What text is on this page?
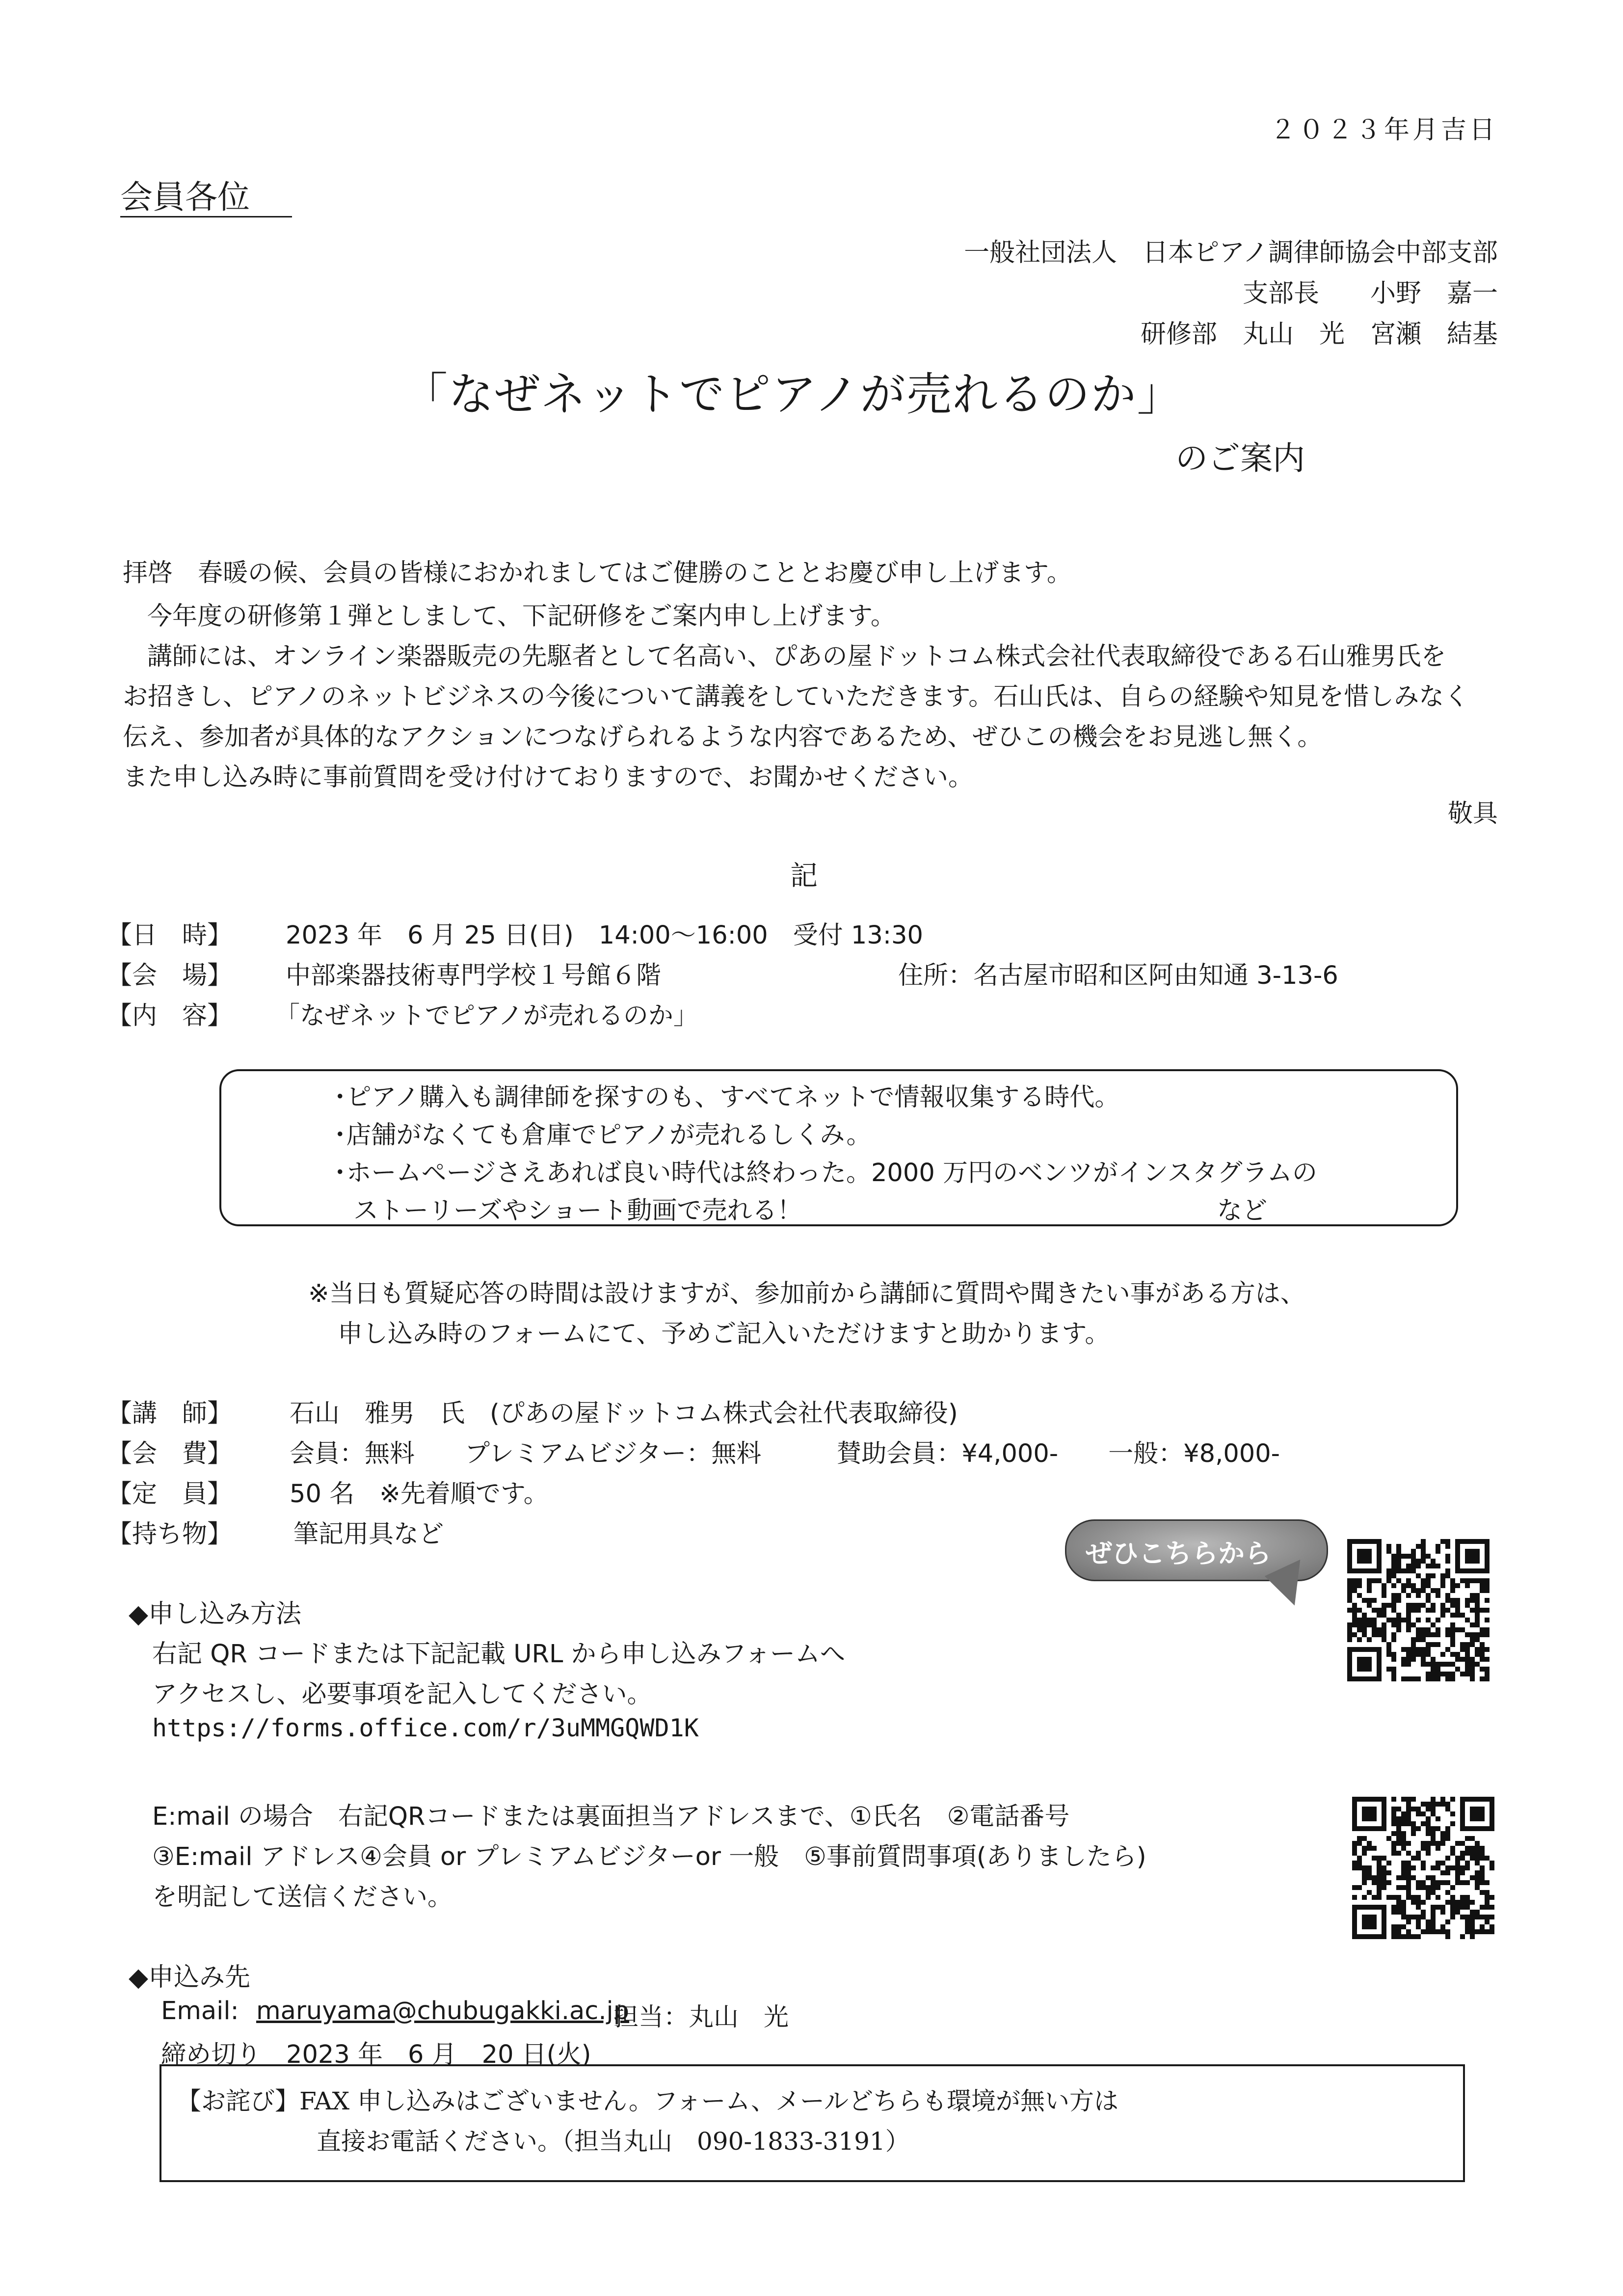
２０２３年月吉日
会員各位
一般社団法人　日本ピアノ調律師協会中部支部
支部長　　小野　嘉一
研修部　丸山　光　宮瀬　結基
「なぜネットでピアノが売れるのか」
のご案内
拝啓　春暖の候、会員の皆様におかれましてはご健勝のこととお慶び申し上げます。
今年度の研修第１弾としまして、下記研修をご案内申し上げます。
講師には、オンライン楽器販売の先駆者として名高い、ぴあの屋ドットコム株式会社代表取締役である石山雅男氏を
お招きし、ピアノのネットビジネスの今後について講義をしていただきます。石山氏は、自らの経験や知見を惜しみなく
伝え、参加者が具体的なアクションにつなげられるような内容であるため、ぜひこの機会をお見逃し無く。
また申し込み時に事前質問を受け付けておりますので、お聞かせください。
敬具
記
【日　時】 2023 年　6 月 25 日(日)　14:00～16:00　受付 13:30
【会　場】 中部楽器技術専門学校１号館６階	住所：名古屋市昭和区阿由知通 3-13-6
【内　容】 「なぜネットでピアノが売れるのか」
･ピアノ購入も調律師を探すのも、すべてネットで情報収集する時代。
･店舗がなくても倉庫でピアノが売れるしくみ。
･ホームページさえあれば良い時代は終わった。2000 万円のベンツがインスタグラムの
ストーリーズやショート動画で売れる！	など
※当日も質疑応答の時間は設けますが、参加前から講師に質問や聞きたい事がある方は、
申し込み時のフォームにて、予めご記入いただけますと助かります。
【講　師】 石山　雅男　氏　(ぴあの屋ドットコム株式会社代表取締役)
【会　費】 会員：無料　　プレミアムビジター：無料　　　賛助会員：¥4,000-　　一般：¥8,000-
【定　員】 50 名　※先着順です。
【持ち物】 筆記用具など
ぜひこちらから
◆申し込み方法
右記 QR コードまたは下記記載 URL から申し込みフォームへ
アクセスし、必要事項を記入してください。
https://forms.office.com/r/3uMMGQWD1K
E:mail の場合　右記QRコードまたは裏面担当アドレスまで、①氏名　②電話番号
③E:mail アドレス④会員 or プレミアムビジターor 一般　⑤事前質問事項(ありましたら)
を明記して送信ください。
◆申込み先
Email: maruyama@chubugakki.ac.jp
担当：丸山　光
締め切り　2023 年　6 月　20 日(火)
【お詫び】FAX 申し込みはございません。フォーム、メールどちらも環境が無い方は
直接お電話ください。（担当丸山　090-1833-3191）
